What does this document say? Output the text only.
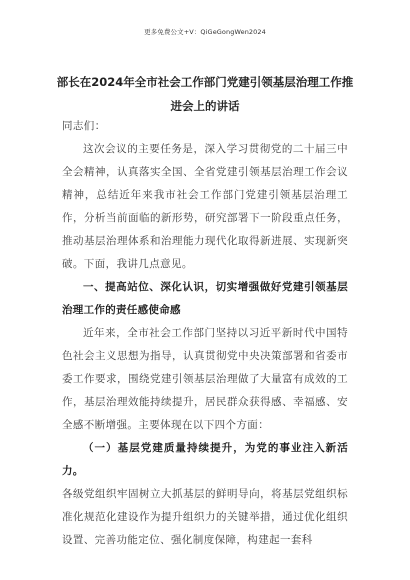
更多免费公文+V：QiGeGongWen2024
部长在2024年全市社会工作部门党建引领基层治理工作推
进会上的讲话

同志们：

这次会议的主要任务是，深入学习贯彻党的二十届三中全会精神，认真落实全国、全省党建引领基层治理工作会议精神，总结近年来我市社会工作部门党建引领基层治理工作，分析当前面临的新形势，研究部署下一阶段重点任务，推动基层治理体系和治理能力现代化取得新进展、实现新突破。下面，我讲几点意见。

一、提高站位、深化认识，切实增强做好党建引领基层治理工作的责任感使命感

近年来，全市社会工作部门坚持以习近平新时代中国特色社会主义思想为指导，认真贯彻党中央决策部署和省委市委工作要求，围绕党建引领基层治理做了大量富有成效的工作，基层治理效能持续提升，居民群众获得感、幸福感、安全感不断增强。主要体现在以下四个方面：

（一）基层党建质量持续提升，为党的事业注入新活力。

各级党组织牢固树立大抓基层的鲜明导向，将基层党组织标准化规范化建设作为提升组织力的关键举措，通过优化组织设置、完善功能定位、强化制度保障，构建起一套科
